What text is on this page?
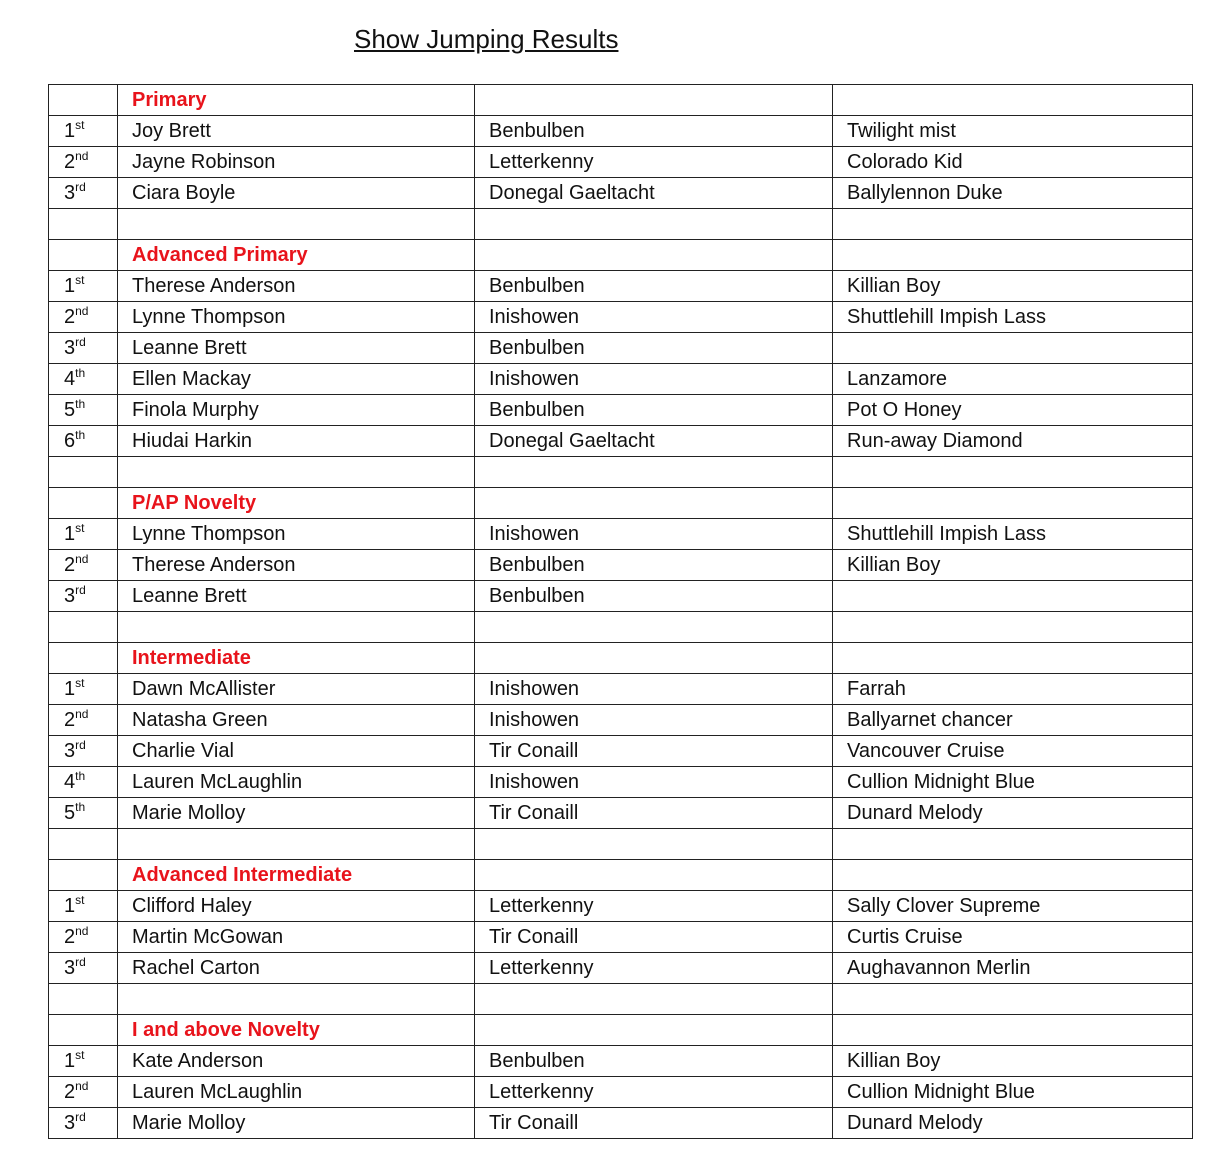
Show Jumping Results
	Primary		
1st	Joy Brett	Benbulben	Twilight mist
2nd	Jayne Robinson	Letterkenny	Colorado Kid
3rd	Ciara Boyle	Donegal Gaeltacht	Ballylennon Duke

	Advanced Primary		
1st	Therese Anderson	Benbulben	Killian Boy
2nd	Lynne Thompson	Inishowen	Shuttlehill Impish Lass
3rd	Leanne Brett	Benbulben	
4th	Ellen Mackay	Inishowen	Lanzamore
5th	Finola Murphy	Benbulben	Pot O Honey
6th	Hiudai Harkin	Donegal Gaeltacht	Run-away Diamond

	P/AP Novelty		
1st	Lynne Thompson	Inishowen	Shuttlehill Impish Lass
2nd	Therese Anderson	Benbulben	Killian Boy
3rd	Leanne Brett	Benbulben	

	Intermediate		
1st	Dawn McAllister	Inishowen	Farrah
2nd	Natasha Green	Inishowen	Ballyarnet chancer
3rd	Charlie Vial	Tir Conaill	Vancouver Cruise
4th	Lauren McLaughlin	Inishowen	Cullion Midnight Blue
5th	Marie Molloy	Tir Conaill	Dunard Melody

	Advanced Intermediate		
1st	Clifford Haley	Letterkenny	Sally Clover Supreme
2nd	Martin McGowan	Tir Conaill	Curtis Cruise
3rd	Rachel Carton	Letterkenny	Aughavannon Merlin

	I and above Novelty		
1st	Kate Anderson	Benbulben	Killian Boy
2nd	Lauren McLaughlin	Letterkenny	Cullion Midnight Blue
3rd	Marie Molloy	Tir Conaill	Dunard Melody
